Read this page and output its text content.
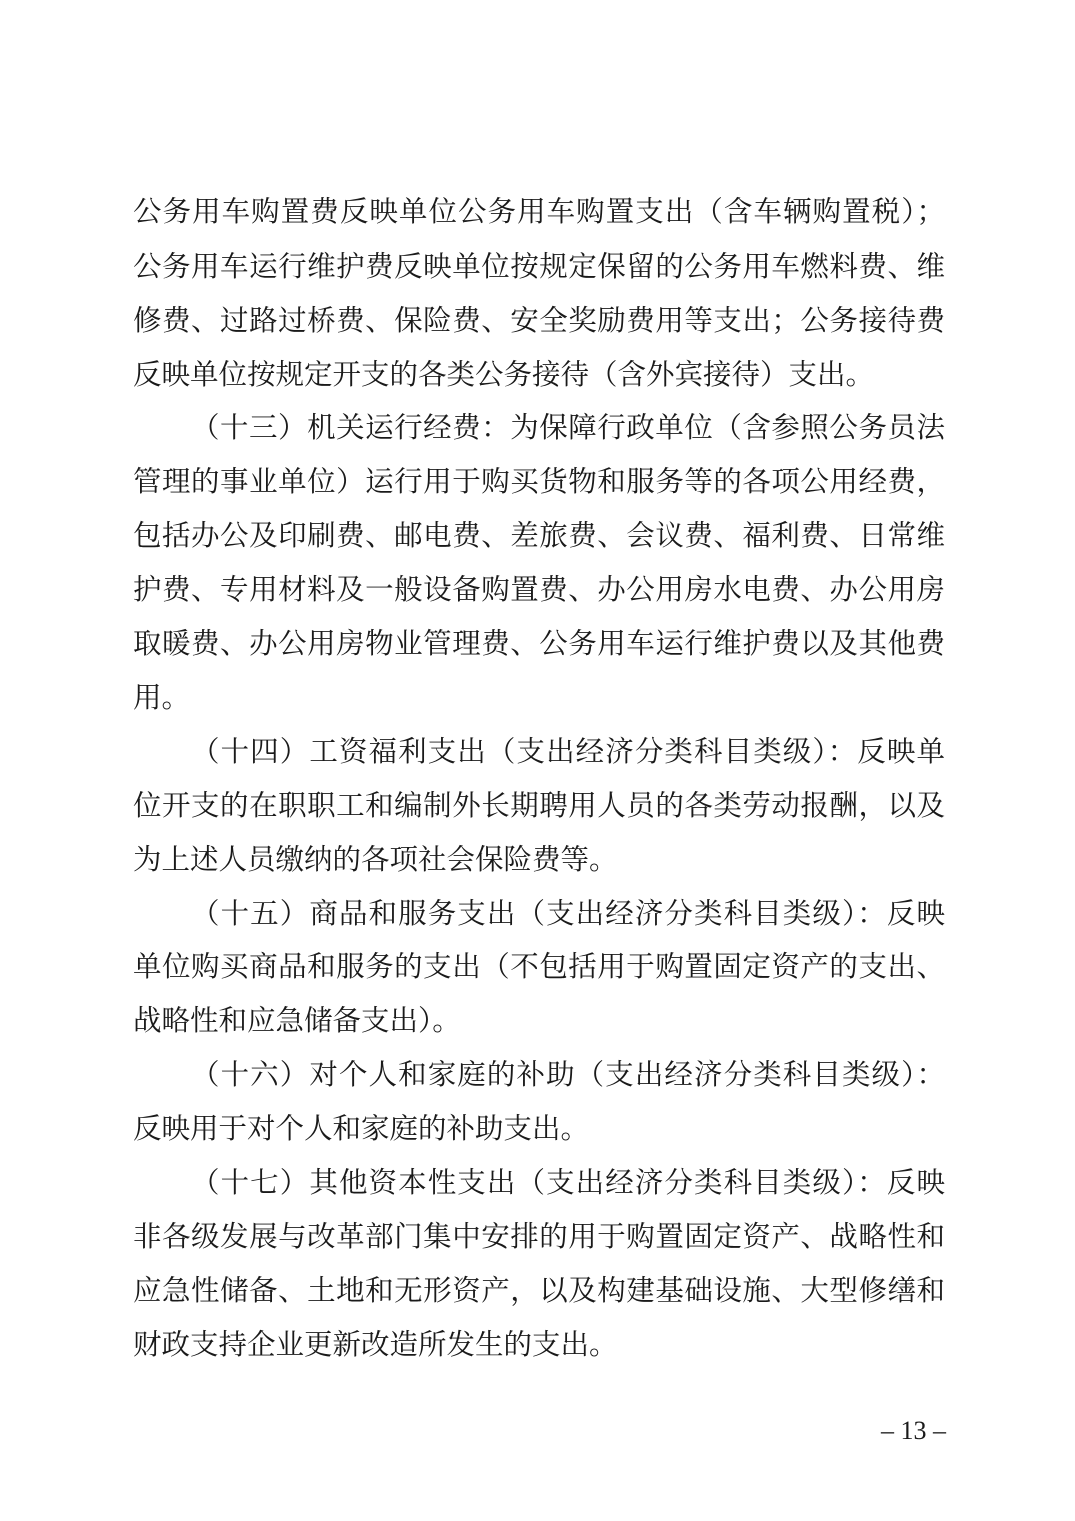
公务用车购置费反映单位公务用车购置支出（含车辆购置税）；
公务用车运行维护费反映单位按规定保留的公务用车燃料费、维
修费、过路过桥费、保险费、安全奖励费用等支出；公务接待费
反映单位按规定开支的各类公务接待（含外宾接待）支出。
（十三）机关运行经费：为保障行政单位（含参照公务员法
管理的事业单位）运行用于购买货物和服务等的各项公用经费，
包括办公及印刷费、邮电费、差旅费、会议费、福利费、日常维
护费、专用材料及一般设备购置费、办公用房水电费、办公用房
取暖费、办公用房物业管理费、公务用车运行维护费以及其他费
用。
（十四）工资福利支出（支出经济分类科目类级）：反映单
位开支的在职职工和编制外长期聘用人员的各类劳动报酬，以及
为上述人员缴纳的各项社会保险费等。
（十五）商品和服务支出（支出经济分类科目类级）：反映
单位购买商品和服务的支出（不包括用于购置固定资产的支出、
战略性和应急储备支出）。
（十六）对个人和家庭的补助（支出经济分类科目类级）：
反映用于对个人和家庭的补助支出。
（十七）其他资本性支出（支出经济分类科目类级）：反映
非各级发展与改革部门集中安排的用于购置固定资产、战略性和
应急性储备、土地和无形资产，以及构建基础设施、大型修缮和
财政支持企业更新改造所发生的支出。
– 13 –
